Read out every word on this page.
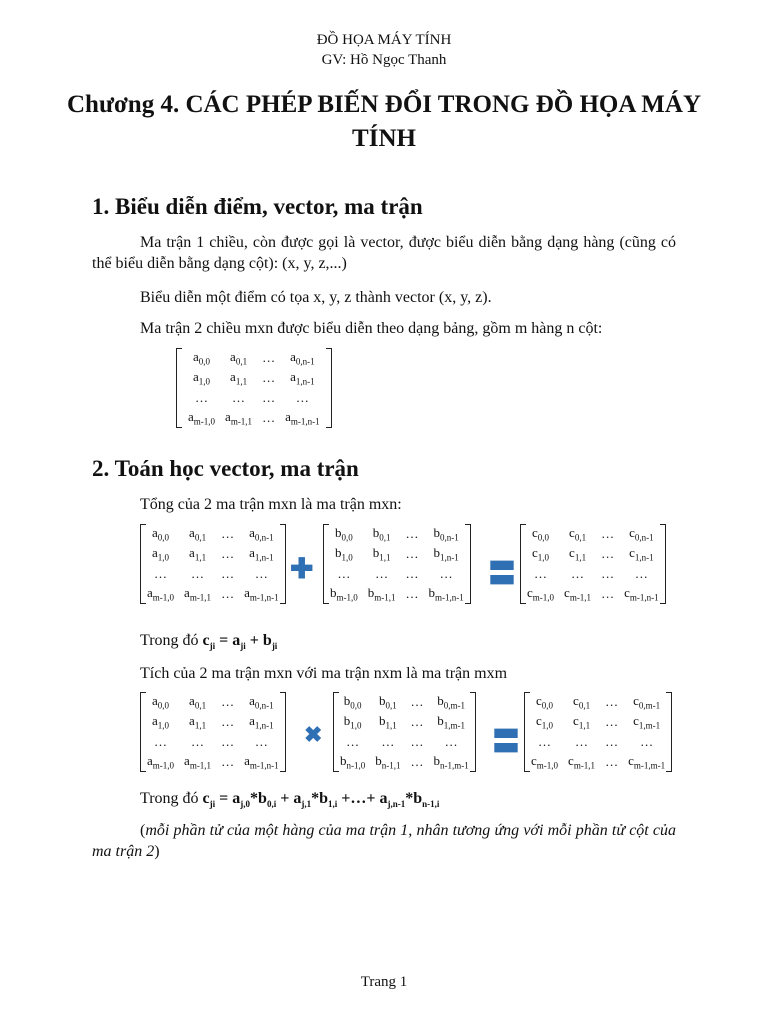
ĐỒ HỌA MÁY TÍNH
GV: Hồ Ngọc Thanh
Chương 4. CÁC PHÉP BIẾN ĐỔI TRONG ĐỒ HỌA MÁY TÍNH
1. Biểu diễn điểm, vector, ma trận
Ma trận 1 chiều, còn được gọi là vector, được biểu diễn bằng dạng hàng (cũng có thể biểu diễn bằng dạng cột): (x, y, z,...)
Biểu diễn một điểm có tọa x, y, z thành vector (x, y, z).
Ma trận 2 chiều mxn được biểu diễn theo dạng bảng, gồm m hàng n cột:
$a_{0,0}$	$a_{0,1}$	…	$a_{0,n-1}$
$a_{1,0}$	$a_{1,1}$	…	$a_{1,n-1}$
…	…	…	…
$a_{m-1,0}$	$a_{m-1,1}$	…	$a_{m-1,n-1}$
2. Toán học vector, ma trận
Tổng của 2 ma trận mxn là ma trận mxn:
$a_{0,0}$	$a_{0,1}$	…	$a_{0,n-1}$
$a_{1,0}$	$a_{1,1}$	…	$a_{1,n-1}$
…	…	…	…
$a_{m-1,0}$	$a_{m-1,1}$	…	$a_{m-1,n-1}$
✚
$b_{0,0}$	$b_{0,1}$	…	$b_{0,n-1}$
$b_{1,0}$	$b_{1,1}$	…	$b_{1,n-1}$
…	…	…	…
$b_{m-1,0}$	$b_{m-1,1}$	…	$b_{m-1,n-1}$
〓
$c_{0,0}$	$c_{0,1}$	…	$c_{0,n-1}$
$c_{1,0}$	$c_{1,1}$	…	$c_{1,n-1}$
…	…	…	…
$c_{m-1,0}$	$c_{m-1,1}$	…	$c_{m-1,n-1}$
Trong đó $c_{ji} = a_{ji} + b_{ji}$
Tích của 2 ma trận mxn với ma trận nxm là ma trận mxm
$a_{0,0}$	$a_{0,1}$	…	$a_{0,n-1}$
$a_{1,0}$	$a_{1,1}$	…	$a_{1,n-1}$
…	…	…	…
$a_{m-1,0}$	$a_{m-1,1}$	…	$a_{m-1,n-1}$
✖
$b_{0,0}$	$b_{0,1}$	…	$b_{0,m-1}$
$b_{1,0}$	$b_{1,1}$	…	$b_{1,m-1}$
…	…	…	…
$b_{n-1,0}$	$b_{n-1,1}$	…	$b_{n-1,m-1}$
〓
$c_{0,0}$	$c_{0,1}$	…	$c_{0,m-1}$
$c_{1,0}$	$c_{1,1}$	…	$c_{1,m-1}$
…	…	…	…
$c_{m-1,0}$	$c_{m-1,1}$	…	$c_{m-1,m-1}$
Trong đó $c_{ji} = a_{j,0}*b_{0,i} + a_{j,1}*b_{1,i}$ +…+ $a_{j,n-1}*b_{n-1,i}$
(mỗi phần tử của một hàng của ma trận 1, nhân tương ứng với mỗi phần tử cột của ma trận 2)
Trang 1
